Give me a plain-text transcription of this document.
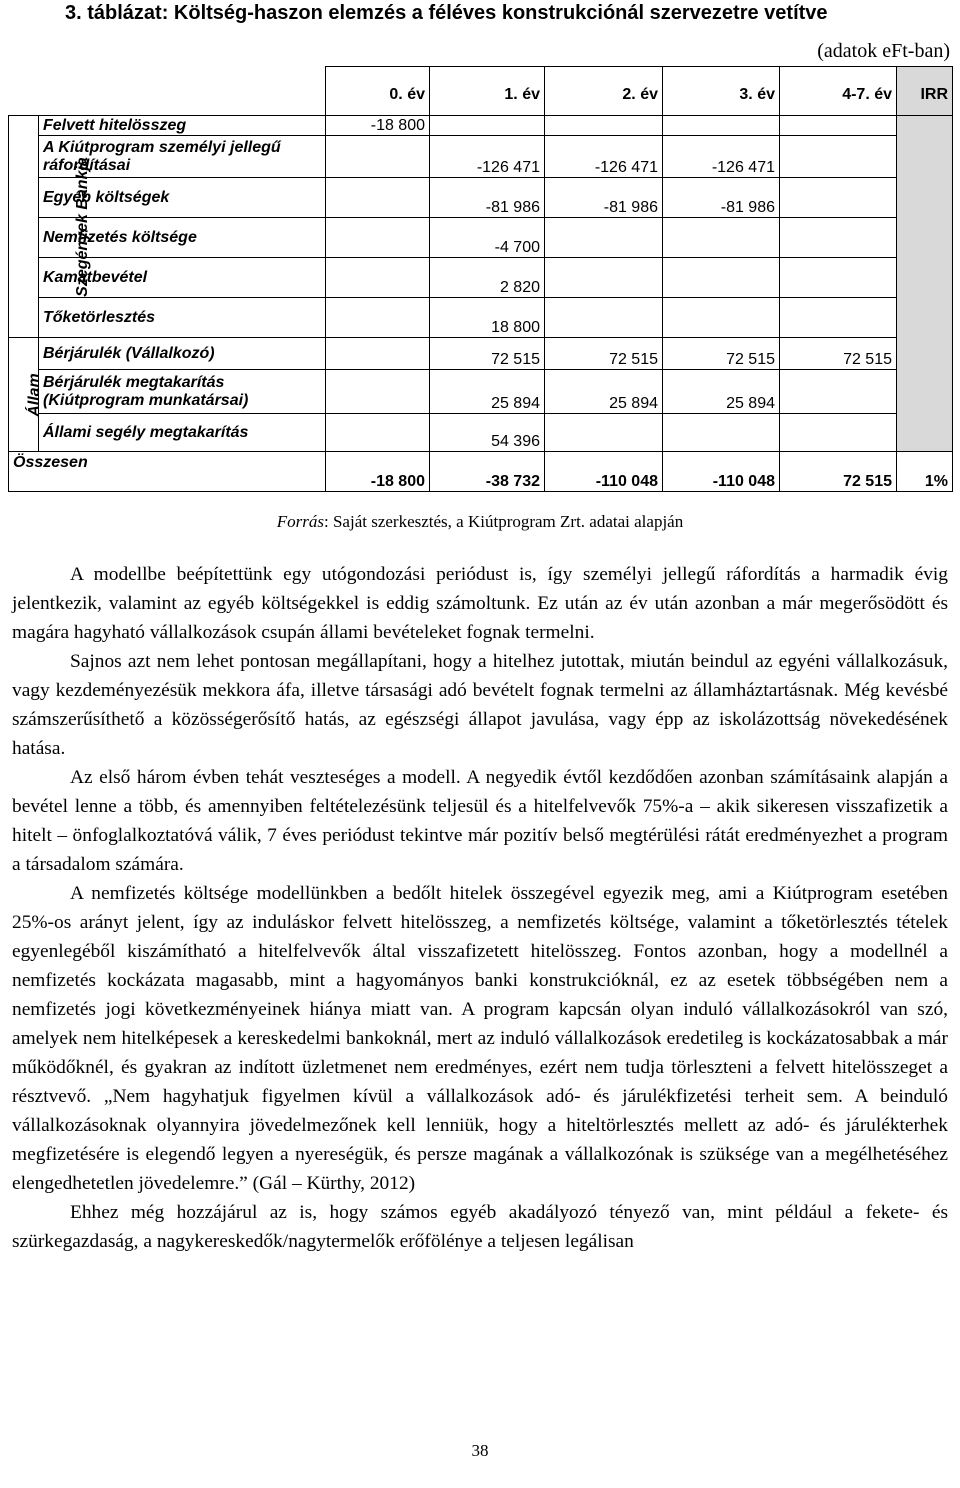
3. táblázat: Költség-haszon elemzés a féléves konstrukciónál szervezetre vetítve
(adatok eFt-ban)
		0. év	1. év	2. év	3. év	4-7. év	IRR
Szegények Bankja	Felvett hitelösszeg	-18 800					
	A Kiútprogram személyi jellegű ráfordításai		-126 471	-126 471	-126 471		
	Egyéb költségek		-81 986	-81 986	-81 986		
	Nemfizetés költsége		-4 700				
	Kamatbevétel		2 820				
	Tőketörlesztés		18 800				
Állam	Bérjárulék (Vállalkozó)		72 515	72 515	72 515	72 515	
	Bérjárulék megtakarítás (Kiútprogram munkatársai)		25 894	25 894	25 894		
	Állami segély megtakarítás		54 396				
Összesen		-18 800	-38 732	-110 048	-110 048	72 515	1%
Forrás: Saját szerkesztés, a Kiútprogram Zrt. adatai alapján

A modellbe beépítettünk egy utógondozási periódust is, így személyi jellegű ráfordítás a harmadik évig jelentkezik, valamint az egyéb költségekkel is eddig számoltunk. Ez után az év után azonban a már megerősödött és magára hagyható vállalkozások csupán állami bevételeket fognak termelni.

Sajnos azt nem lehet pontosan megállapítani, hogy a hitelhez jutottak, miután beindul az egyéni vállalkozásuk, vagy kezdeményezésük mekkora áfa, illetve társasági adó bevételt fognak termelni az államháztartásnak. Még kevésbé számszerűsíthető a közösségerősítő hatás, az egészségi állapot javulása, vagy épp az iskolázottság növekedésének hatása.

Az első három évben tehát veszteséges a modell. A negyedik évtől kezdődően azonban számításaink alapján a bevétel lenne a több, és amennyiben feltételezésünk teljesül és a hitelfelvevők 75%-a – akik sikeresen visszafizetik a hitelt – önfoglalkoztatóvá válik, 7 éves periódust tekintve már pozitív belső megtérülési rátát eredményezhet a program a társadalom számára.

A nemfizetés költsége modellünkben a bedőlt hitelek összegével egyezik meg, ami a Kiútprogram esetében 25%-os arányt jelent, így az induláskor felvett hitelösszeg, a nemfizetés költsége, valamint a tőketörlesztés tételek egyenlegéből kiszámítható a hitelfelvevők által visszafizetett hitelösszeg. Fontos azonban, hogy a modellnél a nemfizetés kockázata magasabb, mint a hagyományos banki konstrukcióknál, ez az esetek többségében nem a nemfizetés jogi következményeinek hiánya miatt van. A program kapcsán olyan induló vállalkozásokról van szó, amelyek nem hitelképesek a kereskedelmi bankoknál, mert az induló vállalkozások eredetileg is kockázatosabbak a már működőknél, és gyakran az indított üzletmenet nem eredményes, ezért nem tudja törleszteni a felvett hitelösszeget a résztvevő. „Nem hagyhatjuk figyelmen kívül a vállalkozások adó- és járulékfizetési terheit sem. A beinduló vállalkozásoknak olyannyira jövedelmezőnek kell lenniük, hogy a hiteltörlesztés mellett az adó- és járulékterhek megfizetésére is elegendő legyen a nyereségük, és persze magának a vállalkozónak is szüksége van a megélhetéséhez elengedhetetlen jövedelemre.” (Gál – Kürthy, 2012)

Ehhez még hozzájárul az is, hogy számos egyéb akadályozó tényező van, mint például a fekete- és szürkegazdaság, a nagykereskedők/nagytermelők erőfölénye a teljesen legálisan

38
